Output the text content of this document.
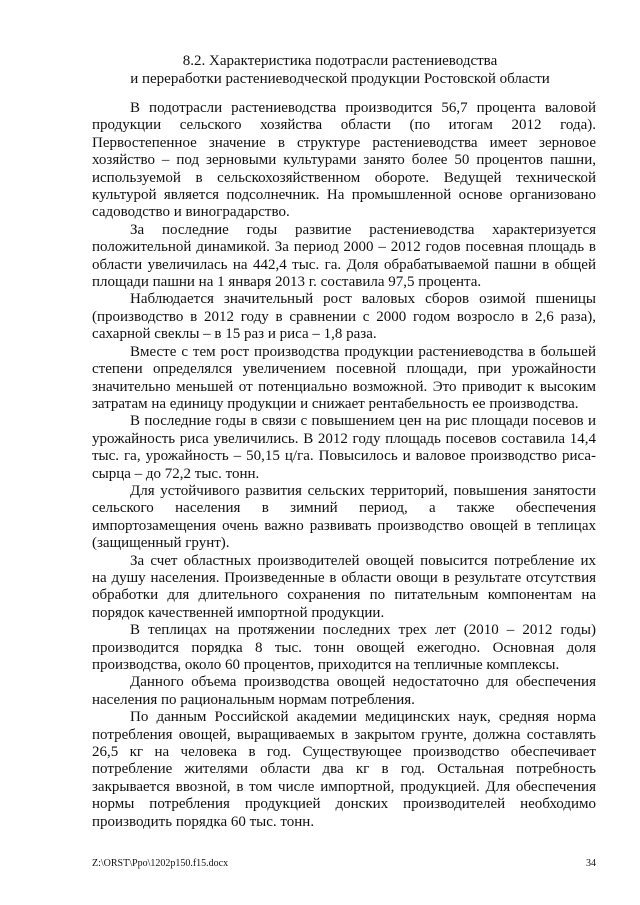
8.2. Характеристика подотрасли растениеводства
и переработки растениеводческой продукции Ростовской области

В подотрасли растениеводства производится 56,7 процента валовой продукции сельского хозяйства области (по итогам 2012 года). Первостепенное значение в структуре растениеводства имеет зерновое хозяйство – под зерновыми культурами занято более 50 процентов пашни, используемой в сельскохозяйственном обороте. Ведущей технической культурой является подсолнечник. На промышленной основе организовано садоводство и виноградарство.

За последние годы развитие растениеводства характеризуется положительной динамикой. За период 2000 – 2012 годов посевная площадь в области увеличилась на 442,4 тыс. га. Доля обрабатываемой пашни в общей площади пашни на 1 января 2013 г. составила 97,5 процента.

Наблюдается значительный рост валовых сборов озимой пшеницы (производство в 2012 году в сравнении с 2000 годом возросло в 2,6 раза), сахарной свеклы – в 15 раз и риса – 1,8 раза.

Вместе с тем рост производства продукции растениеводства в большей степени определялся увеличением посевной площади, при урожайности значительно меньшей от потенциально возможной. Это приводит к высоким затратам на единицу продукции и снижает рентабельность ее производства.

В последние годы в связи с повышением цен на рис площади посевов и урожайность риса увеличились. В 2012 году площадь посевов составила 14,4 тыс. га, урожайность – 50,15 ц/га. Повысилось и валовое производство риса-сырца – до 72,2 тыс. тонн.

Для устойчивого развития сельских территорий, повышения занятости сельского населения в зимний период, а также обеспечения импортозамещения очень важно развивать производство овощей в теплицах (защищенный грунт).

За счет областных производителей овощей повысится потребление их на душу населения. Произведенные в области овощи в результате отсутствия обработки для длительного сохранения по питательным компонентам на порядок качественней импортной продукции.

В теплицах на протяжении последних трех лет (2010 – 2012 годы) производится порядка 8 тыс. тонн овощей ежегодно. Основная доля производства, около 60 процентов, приходится на тепличные комплексы.

Данного объема производства овощей недостаточно для обеспечения населения по рациональным нормам потребления.

По данным Российской академии медицинских наук, средняя норма потребления овощей, выращиваемых в закрытом грунте, должна составлять 26,5 кг на человека в год. Существующее производство обеспечивает потребление жителями области два кг в год. Остальная потребность закрывается ввозной, в том числе импортной, продукцией. Для обеспечения нормы потребления продукцией донских производителей необходимо производить порядка 60 тыс. тонн.

Z:\ORST\Ppo\1202p150.f15.docx	34
